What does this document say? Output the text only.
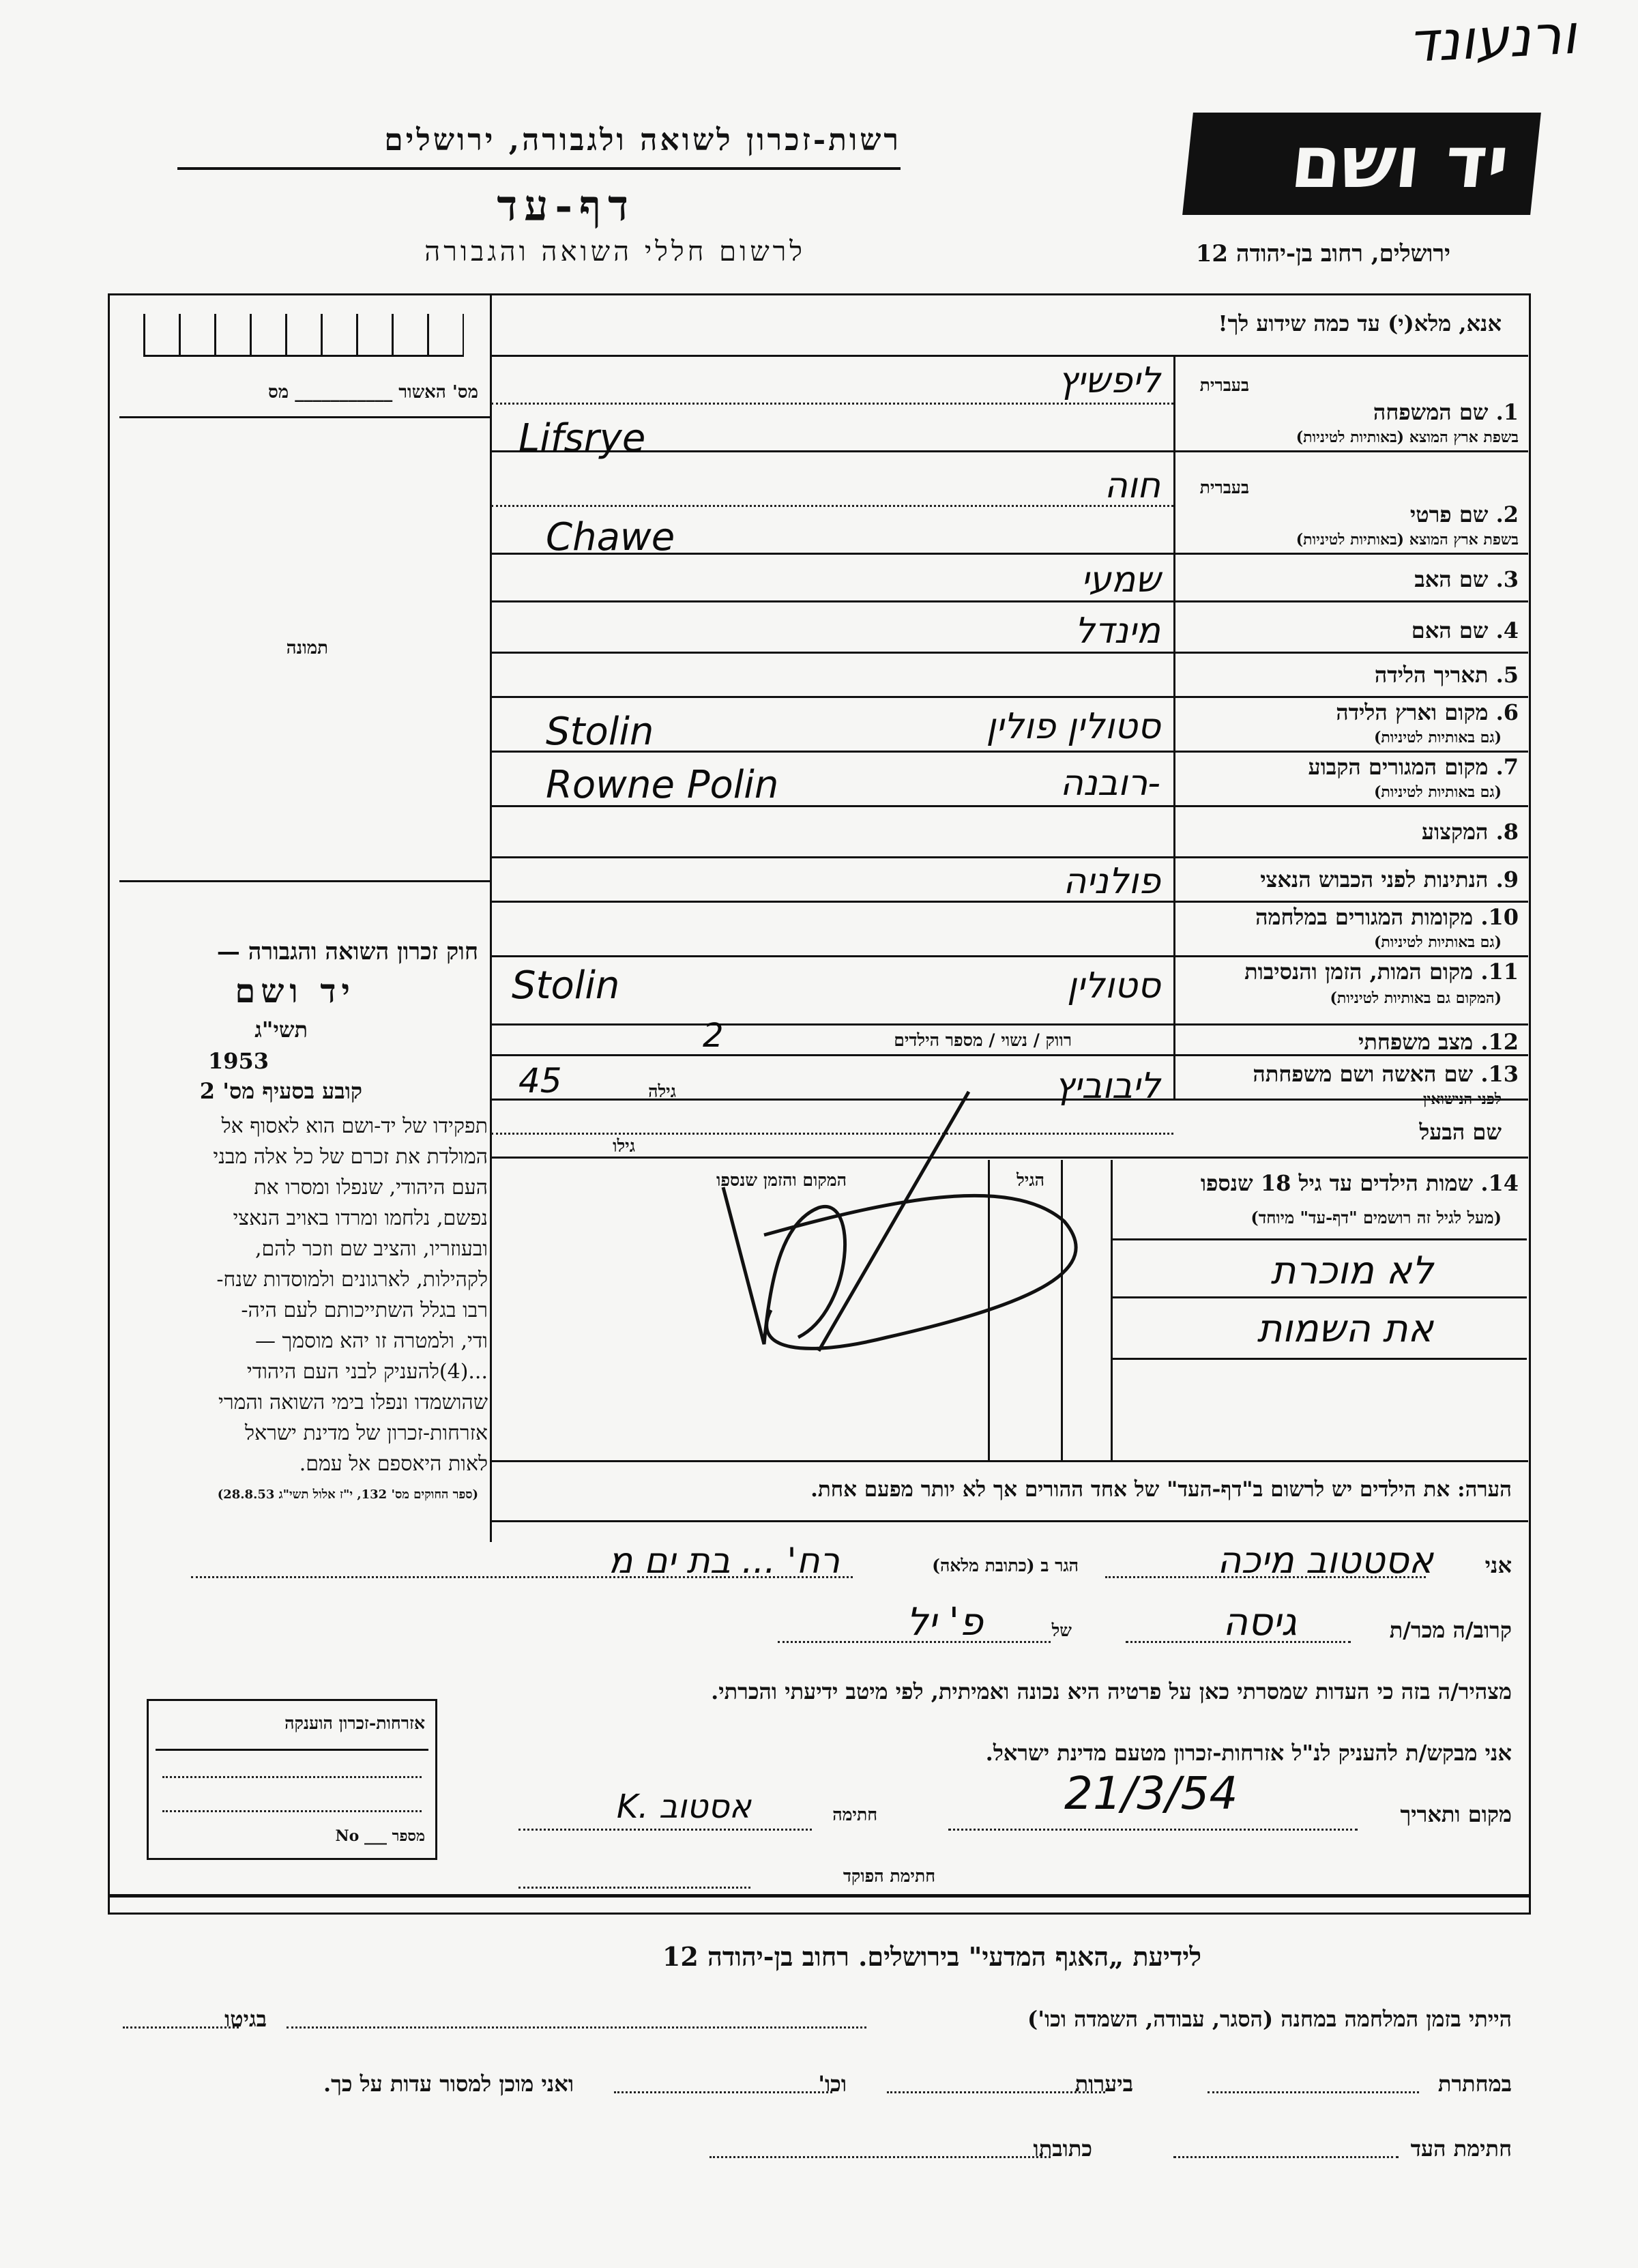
ורנעונד
יד ושם
רשות-זכרון לשואה ולגבורה, ירושלים
דף-עד
לרשום חללי השואה והגבורה	ירושלים, רחוב בן-יהודה 12
אנא, מלא(י) עד כמה שידוע לך!
מס' האשור ___________ מס
תמונה
חוק זכרון השואה והגבורה —
יד ושם
תשי"ג
1953
קובע בסעיף מס' 2
תפקידו של יד-ושם הוא לאסוף אל
המולדת את זכרם של כל אלה מבני
העם היהודי, שנפלו ומסרו את
נפשם, נלחמו ומרדו באויב הנאצי
ובעוזריו, והציב שם וזכר להם,
לקהילות, לארגונים ולמוסדות שנח-
רבו בגלל השתייכותם לעם היה-
ודי, ולמטרה זו יהא מוסמך —
...(4)להעניק לבני העם היהודי
שהושמדו ונפלו בימי השואה והמרי
אזרחות-זכרון של מדינת ישראל
לאות היאספם אל עמם.
(ספר החוקים מס' 132, י"ז אלול תשי"ג 28.8.53)
בעברית
1. שם המשפחה
בשפת ארץ המוצא (באותיות לטיניות)
ליפשיץ
Lifsrye
בעברית
2. שם פרטי
בשפת ארץ המוצא (באותיות לטיניות)
חוה
Chawe
3. שם האב
שמעי
4. שם האם
מינדל
5. תאריך הלידה
6. מקום וארץ הלידה
(גם באותיות לטיניות)
סטולין פולין
Stolin
7. מקום המגורים הקבוע
(גם באותיות לטיניות)
-רובנה
Rowne Polin
8. המקצוע
9. הנתינות לפני הכבוש הנאצי
פולניה
10. מקומות המגורים במלחמה
(גם באותיות לטיניות)
11. מקום המות, הזמן והנסיבות
(המקום גם באותיות לטיניות)
סטולין
Stolin
12. מצב משפחתי
רווק / נשוי / מספר הילדים
2
13. שם האשה ושם משפחתה
לפני הנישואין
גילה
45	ליבוביץ
שם הבעל
גילו
14. שמות הילדים עד גיל 18 שנספו
(מעל לגיל זה רושמים "דף-עד" מיוחד)
הגיל
המקום והזמן שנספו
לא מוכרת
את השמות
הערה: את הילדים יש לרשום ב"דף-העד" של אחד ההורים אך לא יותר מפעם אחת.
אני
אסטטוב מיכה
הגר ב (כתובת מלאה)
רח' ... בת ים מ
קרוב/ה מכר/ת
גיסה
של
פ' יל
מצהיר/ה בזה כי העדות שמסרתי כאן על פרטיה היא נכונה ואמיתית, לפי מיטב ידיעתי והכרתי.
אני מבקש/ת להעניק לנ"ל אזרחות-זכרון מטעם מדינת ישראל.
מקום ותאריך
21/3/54
חתימה
K. אסטוב
חתימת הפוקד
אזרחות-זכרון הוענקה
מספר ___ No
לידיעת „האגף המדעי" בירושלים. רחוב בן-יהודה 12
הייתי בזמן המלחמה במחנה (הסגר, עבודה, השמדה וכו')
בגיטו
במחתרת
ביערות
וכו'
ואני מוכן למסור עדות על כך.
חתימת העד
כתובתו
